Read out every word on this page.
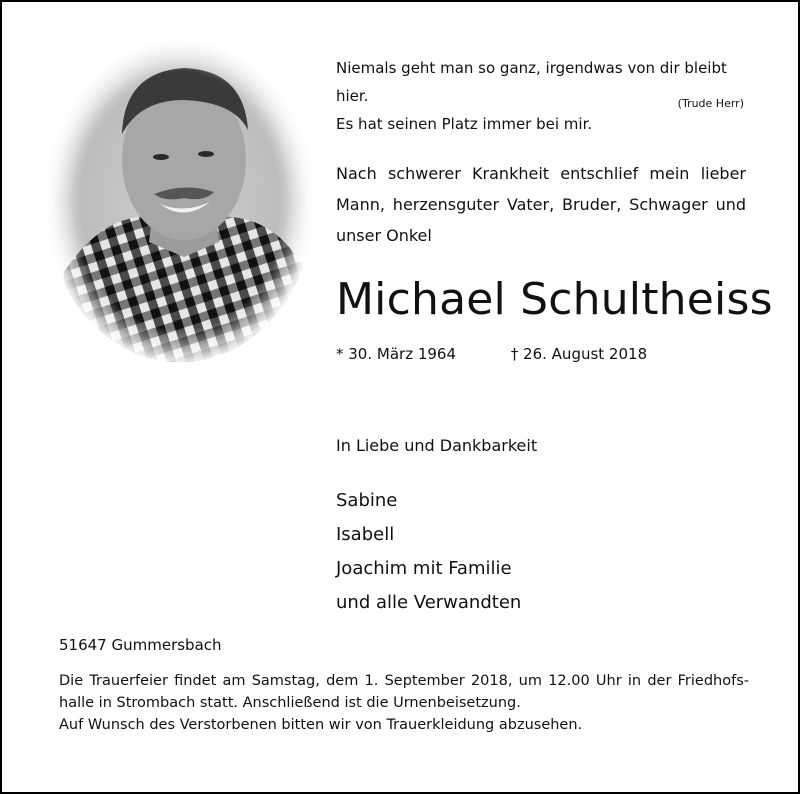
Niemals geht man so ganz, irgendwas von dir bleibt hier.
Es hat seinen Platz immer bei mir.
(Trude Herr)
Nach schwerer Krankheit entschlief mein lieber Mann, herzensguter Vater, Bruder, Schwager und unser Onkel
Michael Schultheiss
* 30. März 1964	† 26. August 2018
In Liebe und Dankbarkeit
Sabine
Isabell
Joachim mit Familie
und alle Verwandten
51647 Gummersbach
Die Trauerfeier findet am Samstag, dem 1. September 2018, um 12.00 Uhr in der Friedhofs-
halle in Strombach statt. Anschließend ist die Urnenbeisetzung.
Auf Wunsch des Verstorbenen bitten wir von Trauerkleidung abzusehen.
